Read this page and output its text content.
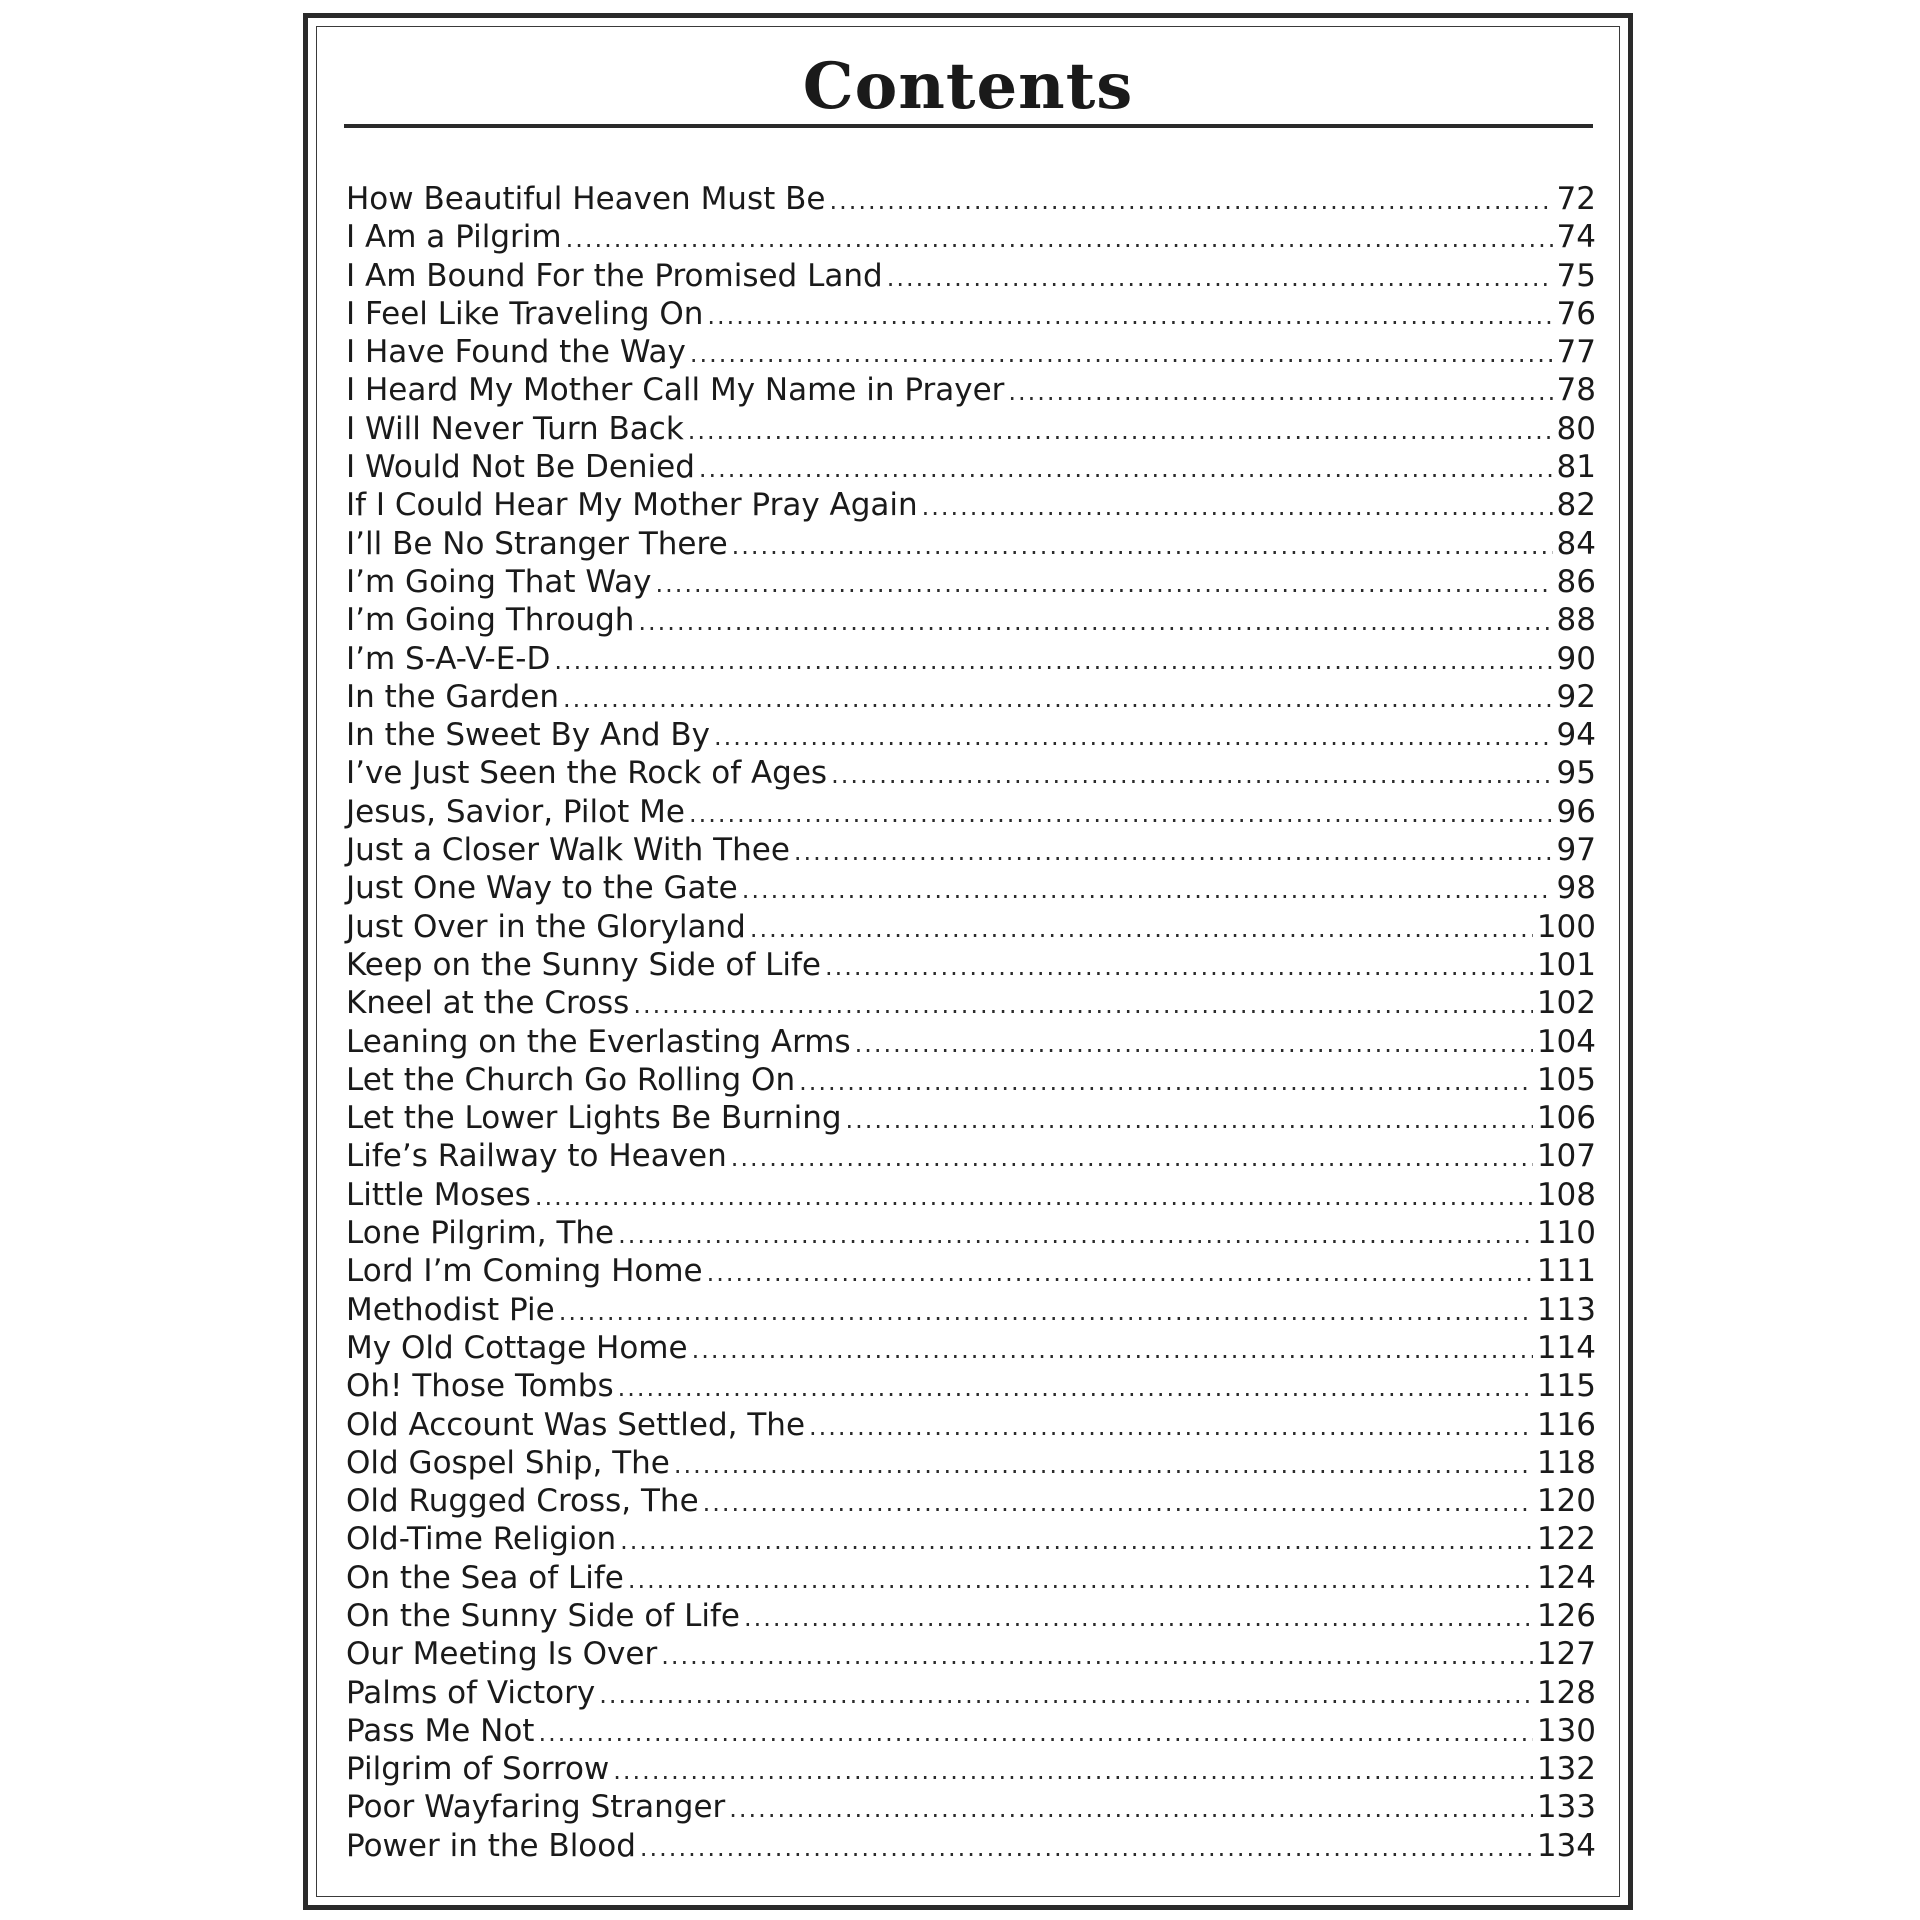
Contents
How Beautiful Heaven Must Be .....	72
I Am a Pilgrim .....	74
I Am Bound For the Promised Land .....	75
I Feel Like Traveling On .....	76
I Have Found the Way .....	77
I Heard My Mother Call My Name in Prayer .....	78
I Will Never Turn Back .....	80
I Would Not Be Denied .....	81
If I Could Hear My Mother Pray Again .....	82
I’ll Be No Stranger There .....	84
I’m Going That Way .....	86
I’m Going Through .....	88
I’m S-A-V-E-D .....	90
In the Garden .....	92
In the Sweet By And By .....	94
I’ve Just Seen the Rock of Ages .....	95
Jesus, Savior, Pilot Me .....	96
Just a Closer Walk With Thee .....	97
Just One Way to the Gate .....	98
Just Over in the Gloryland .....	100
Keep on the Sunny Side of Life .....	101
Kneel at the Cross .....	102
Leaning on the Everlasting Arms .....	104
Let the Church Go Rolling On .....	105
Let the Lower Lights Be Burning .....	106
Life’s Railway to Heaven .....	107
Little Moses .....	108
Lone Pilgrim, The .....	110
Lord I’m Coming Home .....	111
Methodist Pie .....	113
My Old Cottage Home .....	114
Oh! Those Tombs .....	115
Old Account Was Settled, The .....	116
Old Gospel Ship, The .....	118
Old Rugged Cross, The .....	120
Old-Time Religion .....	122
On the Sea of Life .....	124
On the Sunny Side of Life .....	126
Our Meeting Is Over .....	127
Palms of Victory .....	128
Pass Me Not .....	130
Pilgrim of Sorrow .....	132
Poor Wayfaring Stranger .....	133
Power in the Blood .....	134
